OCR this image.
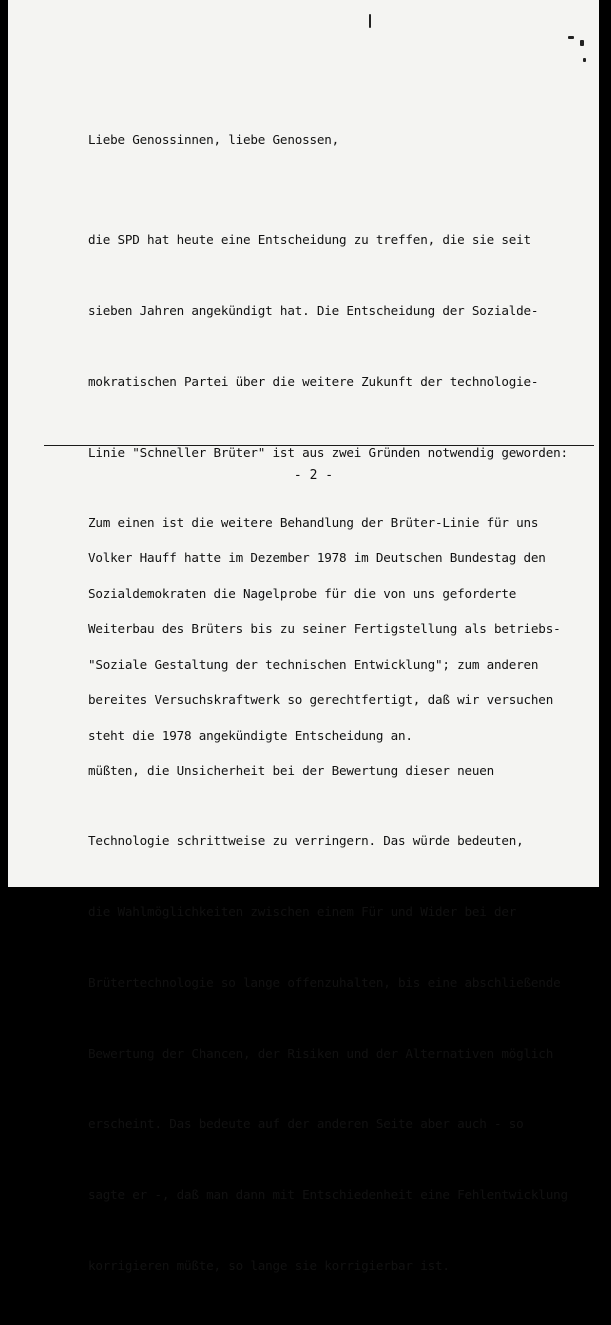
Liebe Genossinnen, liebe Genossen,

die SPD hat heute eine Entscheidung zu treffen, die sie seit

sieben Jahren angekündigt hat. Die Entscheidung der Sozialde-

mokratischen Partei über die weitere Zukunft der technologie-

Linie "Schneller Brüter" ist aus zwei Gründen notwendig geworden:

Zum einen ist die weitere Behandlung der Brüter-Linie für uns

Sozialdemokraten die Nagelprobe für die von uns geforderte

"Soziale Gestaltung der technischen Entwicklung"; zum anderen

steht die 1978 angekündigte Entscheidung an.

- 2 -

Volker Hauff hatte im Dezember 1978 im Deutschen Bundestag den

Weiterbau des Brüters bis zu seiner Fertigstellung als betriebs-

bereites Versuchskraftwerk so gerechtfertigt, daß wir versuchen

müßten, die Unsicherheit bei der Bewertung dieser neuen

Technologie schrittweise zu verringern. Das würde bedeuten,

die Wahlmöglichkeiten zwischen einem Für und Wider bei der

Brütertechnologie so lange offenzuhalten, bis eine abschließende

Bewertung der Chancen, der Risiken und der Alternativen möglich

erscheint. Das bedeute auf der anderen Seite aber auch - so

sagte er -, daß man dann mit Entschiedenheit eine Fehlentwicklung

korrigieren müßte, so lange sie korrigierbar ist.
